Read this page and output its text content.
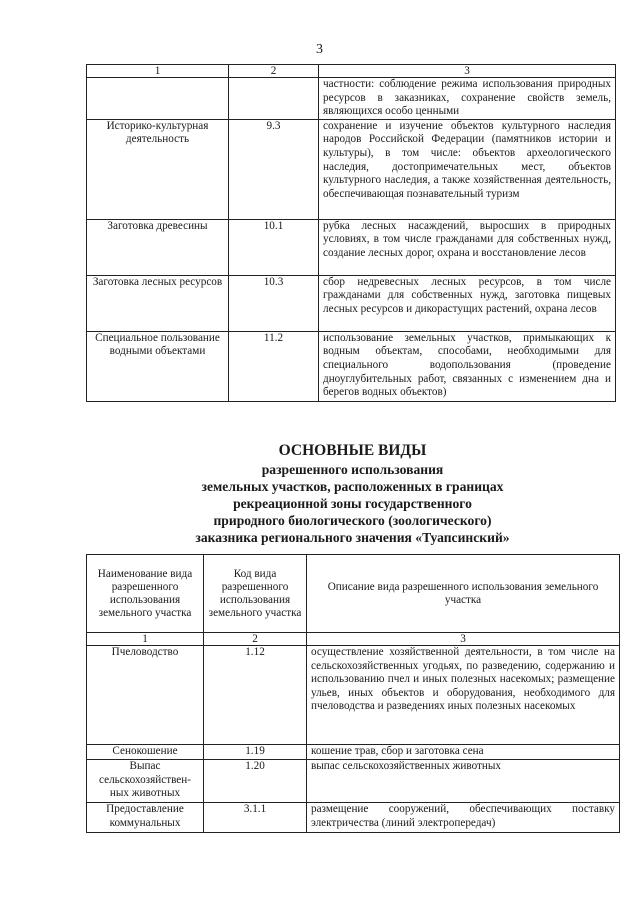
3
1	2	3
		частности: соблюдение режима использования природных ресурсов в заказниках, сохранение свойств земель, являющихся особо ценными
Историко-культурная деятельность	9.3	сохранение и изучение объектов культурного наследия народов Российской Федерации (памятников истории и культуры), в том числе: объектов археологического наследия, достопримечательных мест, объектов культурного наследия, а также хозяйственная деятельность, обеспечивающая познавательный туризм
Заготовка древесины	10.1	рубка лесных насаждений, выросших в природных условиях, в том числе гражданами для собственных нужд, создание лесных дорог, охрана и восстановление лесов
Заготовка лесных ресурсов	10.3	сбор недревесных лесных ресурсов, в том числе гражданами для собственных нужд, заготовка пищевых лесных ресурсов и дикорастущих растений, охрана лесов
Специальное пользование водными объектами	11.2	использование земельных участков, примыкающих к водным объектам, способами, необходимыми для специального водопользования (проведение дноуглубительных работ, связанных с изменением дна и берегов водных объектов)
ОСНОВНЫЕ ВИДЫ
разрешенного использования
земельных участков, расположенных в границах
рекреационной зоны государственного
природного биологического (зоологического)
заказника регионального значения «Туапсинский»
Наименование вида разрешенного использования земельного участка	Код вида разрешенного использования земельного участка	Описание вида разрешенного использования земельного участка
1	2	3
Пчеловодство	1.12	осуществление хозяйственной деятельности, в том числе на сельскохозяйственных угодьях, по разведению, содержанию и использованию пчел и иных полезных насекомых; размещение ульев, иных объектов и оборудования, необходимого для пчеловодства и разведениях иных полезных насекомых
Сенокошение	1.19	кошение трав, сбор и заготовка сена
Выпас сельскохозяйствен-ных животных	1.20	выпас сельскохозяйственных животных
Предоставление коммунальных	3.1.1	размещение сооружений, обеспечивающих поставку электричества (линий электропередач)
